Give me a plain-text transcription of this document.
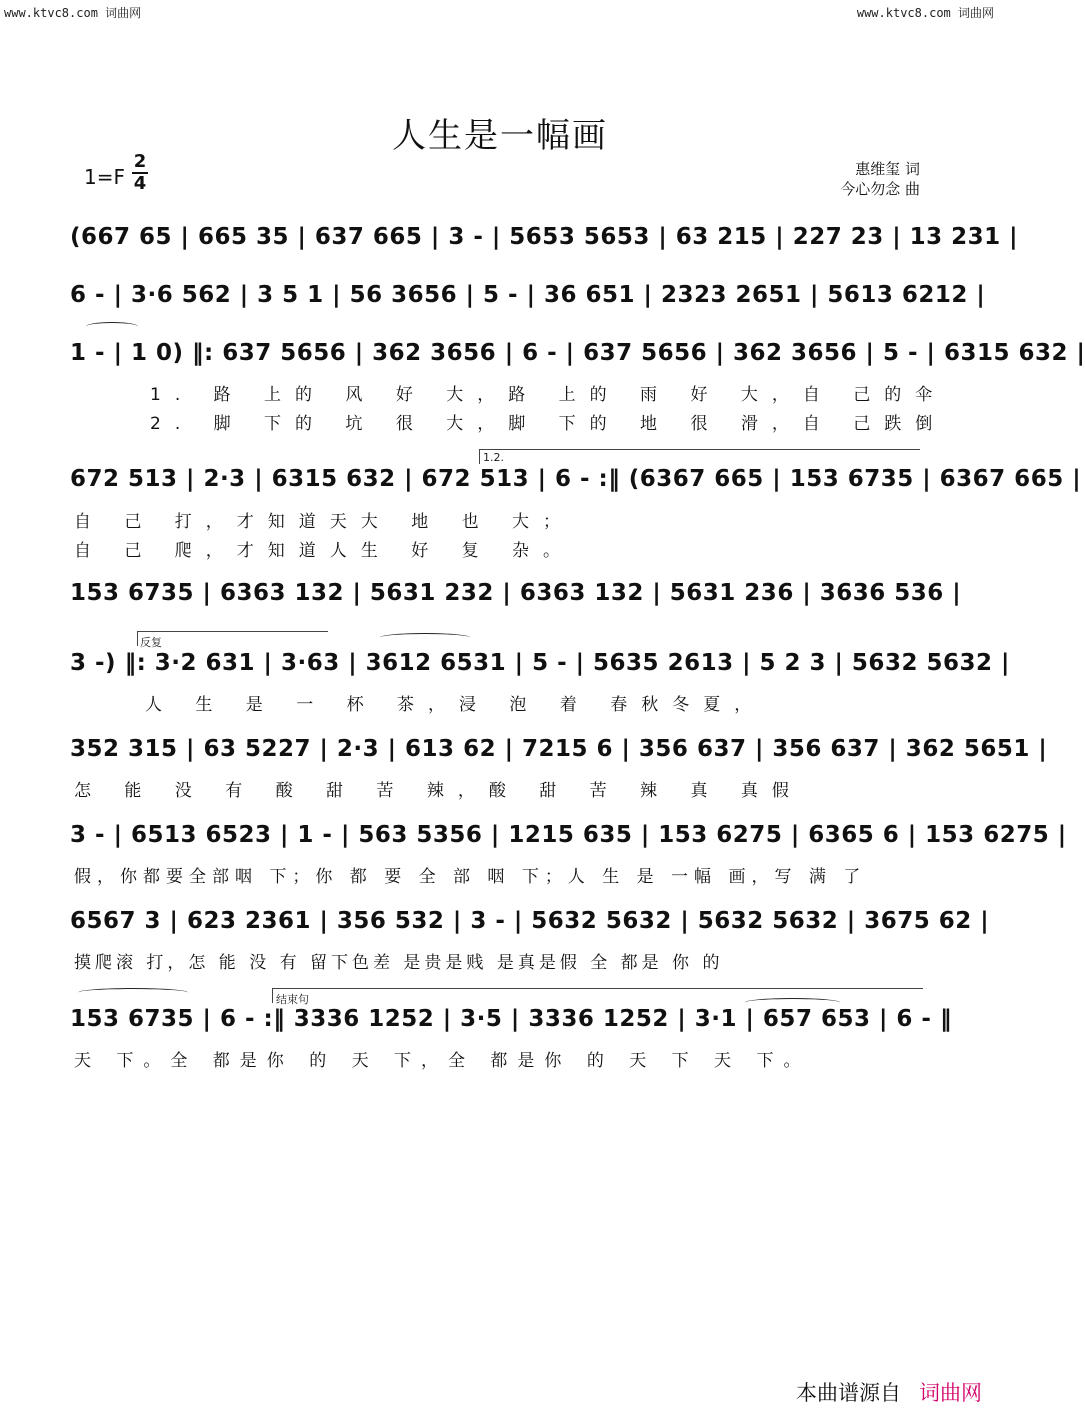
www.ktvc8.com 词曲网	www.ktvc8.com 词曲网
人生是一幅画
1=F
2
4
惠维玺 词
今心勿念 曲
1.2.
反复
结束句
(667 65 | 665 35 | 637 665 | 3 - | 5653 5653 | 63 215 | 227 23 | 13 231 |
6 - | 3·6 562 | 3 5 1 | 56 3656 | 5 - | 36 651 | 2323 2651 | 5613 6212 |
1 - | 1 0) ‖: 637 5656 | 362 3656 | 6 - | 637 5656 | 362 3656 | 5 - | 6315 632 |
1. 路 上的 风 好 大，路 上的 雨 好 大，自 己的伞
2. 脚 下的 坑 很 大，脚 下的 地 很 滑，自 己跌倒
672 513 | 2·3 | 6315 632 | 672 513 | 6 - :‖ (6367 665 | 153 6735 | 6367 665 |
自 己 打，才知道天大 地 也 大；
自 己 爬，才知道人生 好 复 杂。
153 6735 | 6363 132 | 5631 232 | 6363 132 | 5631 236 | 3636 536 |
3 -) ‖: 3·2 631 | 3·63 | 3612 6531 | 5 - | 5635 2613 | 5 2 3 | 5632 5632 |
人 生 是 一 杯 茶，浸 泡 着 春秋冬夏，
352 315 | 63 5227 | 2·3 | 613 62 | 7215 6 | 356 637 | 356 637 | 362 5651 |
怎 能 没 有 酸 甜 苦 辣，酸 甜 苦 辣 真 真假
3 - | 6513 6523 | 1 - | 563 5356 | 1215 635 | 153 6275 | 6365 6 | 153 6275 |
假，你都要全部咽 下；你 都 要 全 部 咽 下；人 生 是 一幅 画，写 满 了
6567 3 | 623 2361 | 356 532 | 3 - | 5632 5632 | 5632 5632 | 3675 62 |
摸爬滚 打，怎 能 没 有 留下色差 是贵是贱 是真是假 全 都是 你 的
153 6735 | 6 - :‖ 3336 1252 | 3·5 | 3336 1252 | 3·1 | 657 653 | 6 - ‖
天 下。全 都是你 的 天 下，全 都是你 的 天 下 天 下。
本曲谱源自 词曲网
